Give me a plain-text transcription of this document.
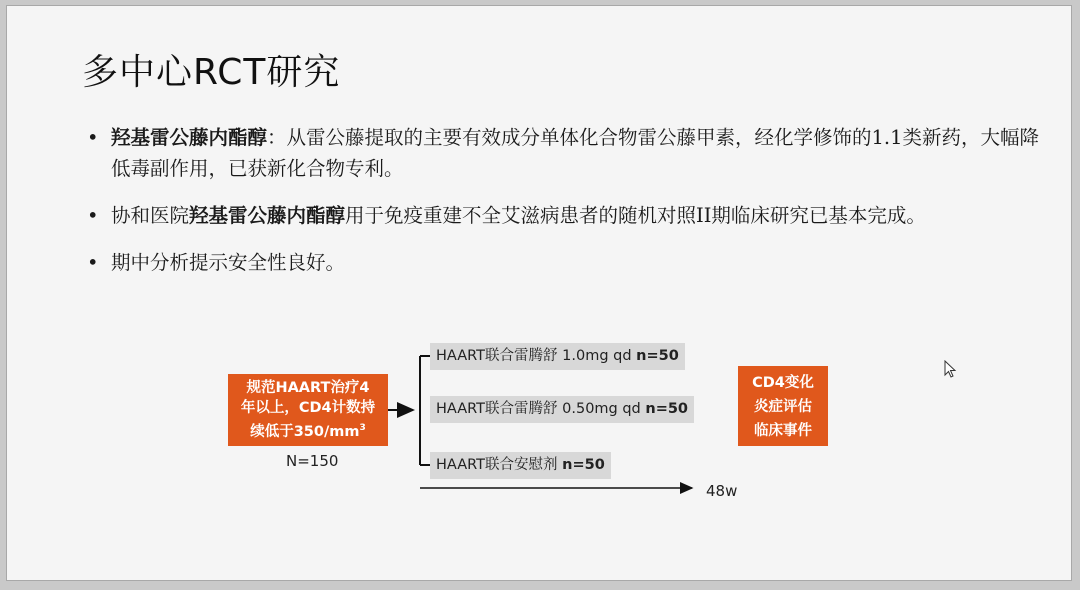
多中心RCT研究
• 羟基雷公藤内酯醇：从雷公藤提取的主要有效成分单体化合物雷公藤甲素，经化学修饰的1.1类新药，大幅降低毒副作用，已获新化合物专利。
• 协和医院羟基雷公藤内酯醇用于免疫重建不全艾滋病患者的随机对照II期临床研究已基本完成。
• 期中分析提示安全性良好。
规范HAART治疗4
年以上，CD4计数持
续低于$350/mm^3$
N=150
HAART联合雷腾舒 1.0mg qd n=50
HAART联合雷腾舒 0.50mg qd n=50
HAART联合安慰剂 n=50
CD4变化
炎症评估
临床事件
48w
